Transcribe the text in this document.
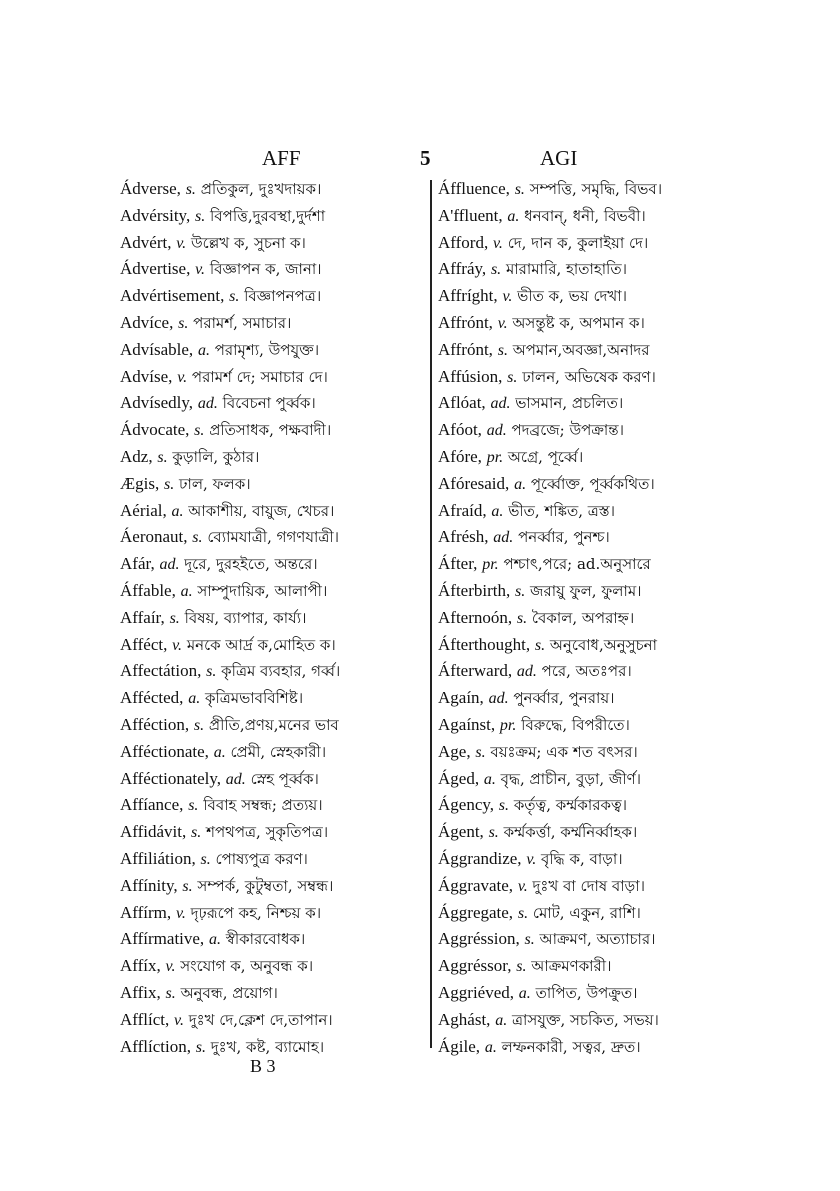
AFF	5	AGI
Ádverse, s. প্রতিকুল, দুঃখদায়ক।
Advérsity, s. বিপত্তি,দুরবস্থা,দুর্দশা
Advért, v. উল্লেখ ক, সুচনা ক।
Ádvertise, v. বিজ্ঞাপন ক, জানা।
Advértisement, s. বিজ্ঞাপনপত্র।
Advíce, s. পরামর্শ, সমাচার।
Advísable, a. পরামৃশ্য, উপযুক্ত।
Advíse, v. পরামর্শ দে; সমাচার দে।
Advísedly, ad. বিবেচনা পুর্ব্বক।
Ádvocate, s. প্রতিসাধক, পক্ষবাদী।
Adz, s. কুড়ালি, কুঠার।
Ægis, s. ঢাল, ফলক।
Aérial, a. আকাশীয়, বায়ুজ, খেচর।
Áeronaut, s. ব্যোমযাত্রী, গগণযাত্রী।
Afár, ad. দূরে, দুরহইতে, অন্তরে।
Áffable, a. সাম্পুদায়িক, আলাপী।
Affaír, s. বিষয়, ব্যাপার, কার্য্য।
Afféct, v. মনকে আর্দ্র ক,মোহিত ক।
Affectátion, s. কৃত্রিম ব্যবহার, গর্ব্ব।
Affécted, a. কৃত্রিমভাববিশিষ্ট।
Afféction, s. প্রীতি,প্রণয়,মনের ভাব
Afféctionate, a. প্রেমী, স্নেহকারী।
Afféctionately, ad. স্নেহ পূর্ব্বক।
Affíance, s. বিবাহ সম্বন্ধ; প্রত্যয়।
Affidávit, s. শপথপত্র, সুকৃতিপত্র।
Affiliátion, s. পোষ্যপুত্র করণ।
Affínity, s. সম্পর্ক, কুটুম্বতা, সম্বন্ধ।
Affírm, v. দৃঢ়রূপে কহ, নিশ্চয় ক।
Affírmative, a. স্বীকারবোধক।
Affíx, v. সংযোগ ক, অনুবন্ধ ক।
Affix, s. অনুবন্ধ, প্রয়োগ।
Afflíct, v. দুঃখ দে,ক্লেশ দে,তাপান।
Afflíction, s. দুঃখ, কষ্ট, ব্যামোহ।
Áffluence, s. সম্পত্তি, সমৃদ্ধি, বিভব।
A'ffluent, a. ধনবান্, ধনী, বিভবী।
Afford, v. দে, দান ক, কুলাইয়া দে।
Affráy, s. মারামারি, হাতাহাতি।
Affríght, v. ভীত ক, ভয় দেখা।
Affrónt, v. অসন্তুষ্ট ক, অপমান ক।
Affrónt, s. অপমান,অবজ্ঞা,অনাদর
Affúsion, s. ঢালন, অভিষেক করণ।
Aflóat, ad. ভাসমান, প্রচলিত।
Afóot, ad. পদব্রজে; উপক্রান্ত।
Afóre, pr. অগ্রে, পূর্ব্বে।
Afóresaid, a. পূর্ব্বোক্ত, পূর্ব্বকথিত।
Afraíd, a. ভীত, শঙ্কিত, ত্রস্ত।
Afrésh, ad. পনর্ব্বার, পুনশ্চ।
Áfter, pr. পশ্চাৎ,পরে; ad.অনুসারে
Áfterbirth, s. জরায়ু ফুল, ফুলাম।
Afternoón, s. বৈকাল, অপরাহ্ন।
Áfterthought, s. অনুবোধ,অনুসুচনা
Áfterward, ad. পরে, অতঃপর।
Agaín, ad. পুনর্ব্বার, পুনরায়।
Agaínst, pr. বিরুদ্ধে, বিপরীতে।
Age, s. বয়ঃক্রম; এক শত বৎসর।
Áged, a. বৃদ্ধ, প্রাচীন, বুড়া, জীর্ণ।
Ágency, s. কর্তৃত্ব, কর্ম্মকারকত্ব।
Ágent, s. কর্ম্মকর্ত্তা, কর্ম্মনির্ব্বাহক।
Ággrandize, v. বৃদ্ধি ক, বাড়া।
Ággravate, v. দুঃখ বা দোষ বাড়া।
Ággregate, s. মোট, একুন, রাশি।
Aggréssion, s. আক্রমণ, অত্যাচার।
Aggréssor, s. আক্রমণকারী।
Aggriéved, a. তাপিত, উপক্রুত।
Aghást, a. ত্রাসযুক্ত, সচকিত, সভয়।
Ágile, a. লম্ফনকারী, সত্বর, দ্রুত।
B 3
